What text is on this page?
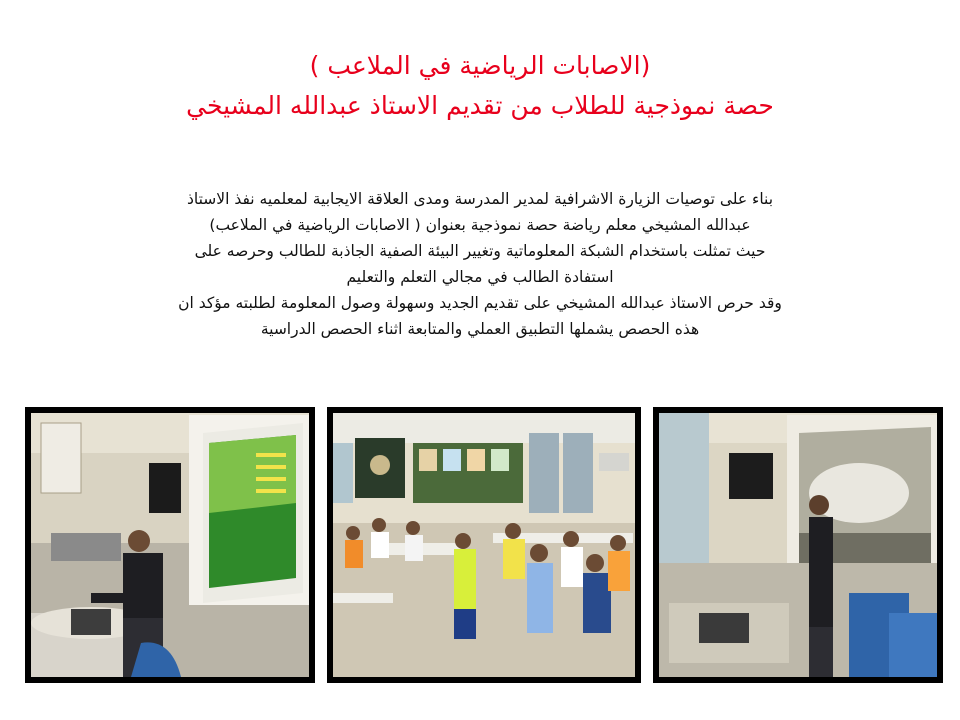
(الاصابات الرياضية في الملاعب )
حصة نموذجية للطلاب من تقديم الاستاذ عبدالله المشيخي
بناء على توصيات الزيارة الاشرافية لمدير المدرسة ومدى العلاقة الايجابية لمعلميه نفذ الاستاذ
عبدالله المشيخي معلم رياضة حصة نموذجية بعنوان ( الاصابات الرياضية في الملاعب)
حيث تمثلت باستخدام الشبكة المعلوماتية وتغيير البيئة الصفية الجاذبة للطالب وحرصه على
استفادة الطالب في مجالي التعلم والتعليم
وقد حرص الاستاذ عبدالله المشيخي على تقديم الجديد وسهولة وصول المعلومة لطلبته مؤكد ان
هذه الحصص يشملها التطبيق العملي والمتابعة اثناء الحصص الدراسية
